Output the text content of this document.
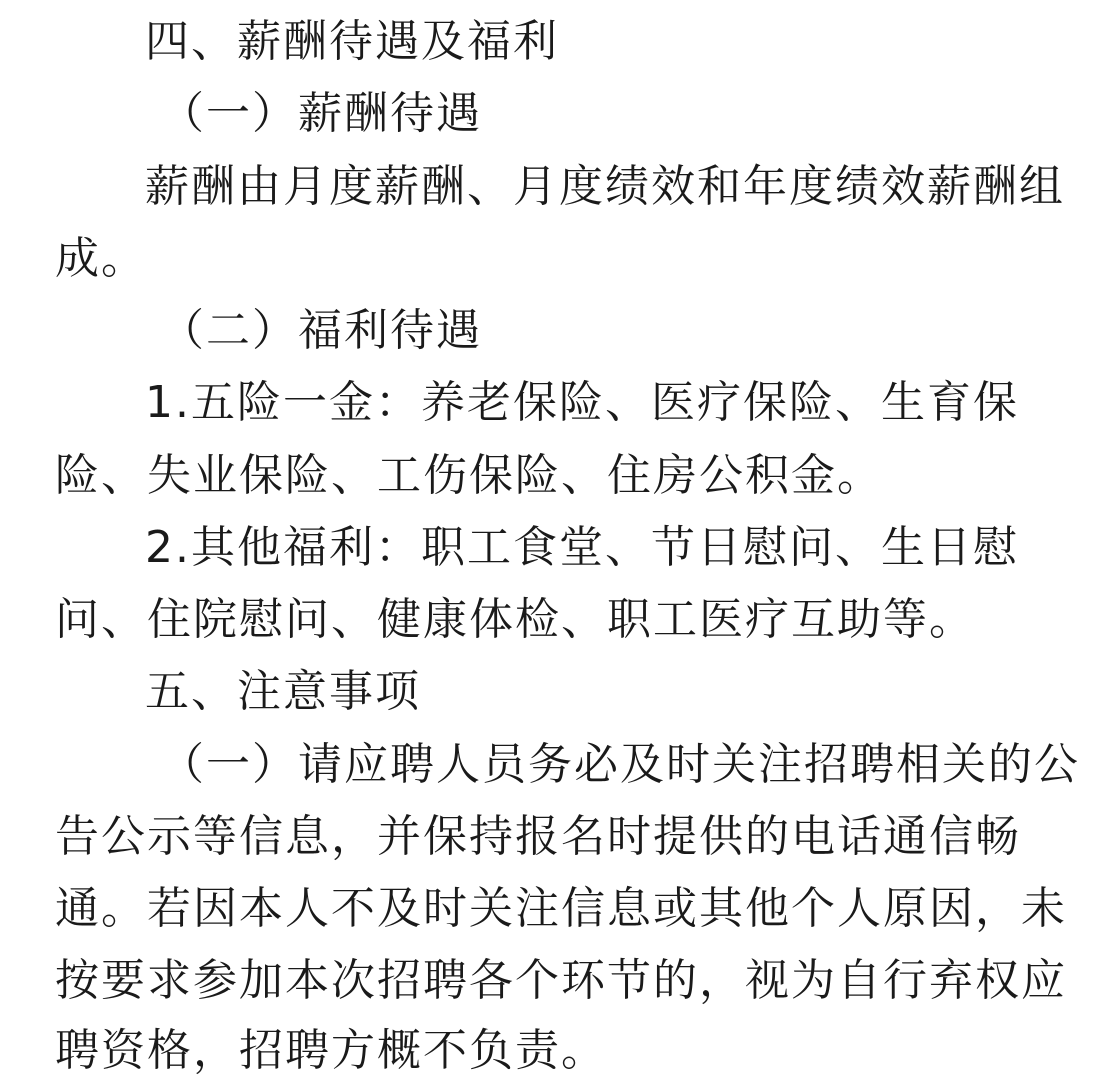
四、薪酬待遇及福利
（一）薪酬待遇
薪酬由月度薪酬、月度绩效和年度绩效薪酬组
成。
（二）福利待遇
1.五险一金：养老保险、医疗保险、生育保
险、失业保险、工伤保险、住房公积金。
2.其他福利：职工食堂、节日慰问、生日慰
问、住院慰问、健康体检、职工医疗互助等。
五、注意事项
（一）请应聘人员务必及时关注招聘相关的公
告公示等信息，并保持报名时提供的电话通信畅
通。若因本人不及时关注信息或其他个人原因，未
按要求参加本次招聘各个环节的，视为自行弃权应
聘资格，招聘方概不负责。
